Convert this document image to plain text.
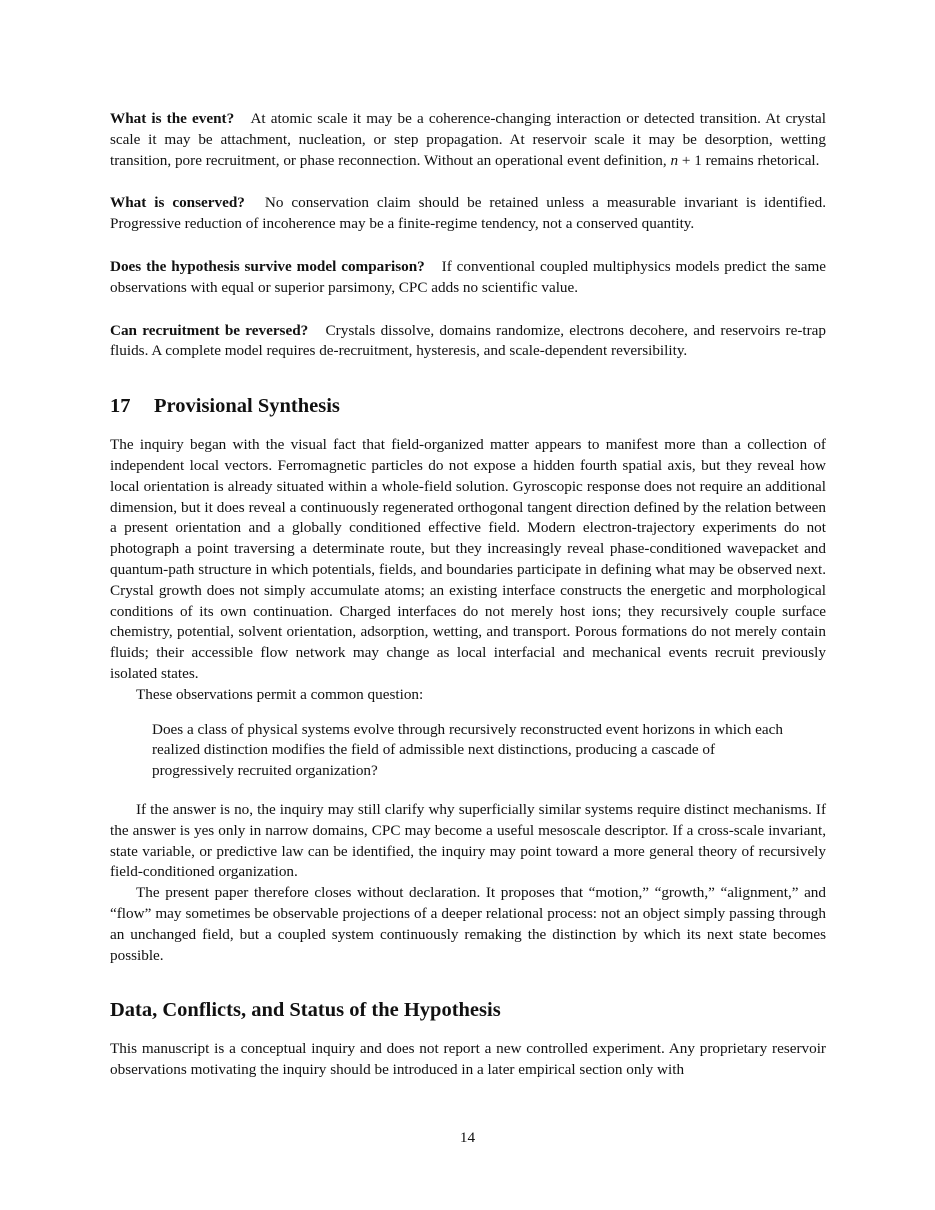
What is the event? At atomic scale it may be a coherence-changing interaction or detected transition. At crystal scale it may be attachment, nucleation, or step propagation. At reservoir scale it may be desorption, wetting transition, pore recruitment, or phase reconnection. Without an operational event definition, n + 1 remains rhetorical.

What is conserved? No conservation claim should be retained unless a measurable invariant is identified. Progressive reduction of incoherence may be a finite-regime tendency, not a conserved quantity.

Does the hypothesis survive model comparison? If conventional coupled multiphysics models predict the same observations with equal or superior parsimony, CPC adds no scientific value.

Can recruitment be reversed? Crystals dissolve, domains randomize, electrons decohere, and reservoirs re-trap fluids. A complete model requires de-recruitment, hysteresis, and scale-dependent reversibility.

17 Provisional Synthesis

The inquiry began with the visual fact that field-organized matter appears to manifest more than a collection of independent local vectors. Ferromagnetic particles do not expose a hidden fourth spatial axis, but they reveal how local orientation is already situated within a whole-field solution. Gyroscopic response does not require an additional dimension, but it does reveal a continuously regenerated orthogonal tangent direction defined by the relation between a present orientation and a globally conditioned effective field. Modern electron-trajectory experiments do not photograph a point traversing a determinate route, but they increasingly reveal phase-conditioned wavepacket and quantum-path structure in which potentials, fields, and boundaries participate in defining what may be observed next. Crystal growth does not simply accumulate atoms; an existing interface constructs the energetic and morphological conditions of its own continuation. Charged interfaces do not merely host ions; they recursively couple surface chemistry, potential, solvent orientation, adsorption, wetting, and transport. Porous formations do not merely contain fluids; their accessible flow network may change as local interfacial and mechanical events recruit previously isolated states.

These observations permit a common question:

Does a class of physical systems evolve through recursively reconstructed event horizons in which each realized distinction modifies the field of admissible next distinctions, producing a cascade of progressively recruited organization?

If the answer is no, the inquiry may still clarify why superficially similar systems require distinct mechanisms. If the answer is yes only in narrow domains, CPC may become a useful mesoscale descriptor. If a cross-scale invariant, state variable, or predictive law can be identified, the inquiry may point toward a more general theory of recursively field-conditioned organization.

The present paper therefore closes without declaration. It proposes that “motion,” “growth,” “alignment,” and “flow” may sometimes be observable projections of a deeper relational process: not an object simply passing through an unchanged field, but a coupled system continuously remaking the distinction by which its next state becomes possible.

Data, Conflicts, and Status of the Hypothesis

This manuscript is a conceptual inquiry and does not report a new controlled experiment. Any proprietary reservoir observations motivating the inquiry should be introduced in a later empirical section only with

14
